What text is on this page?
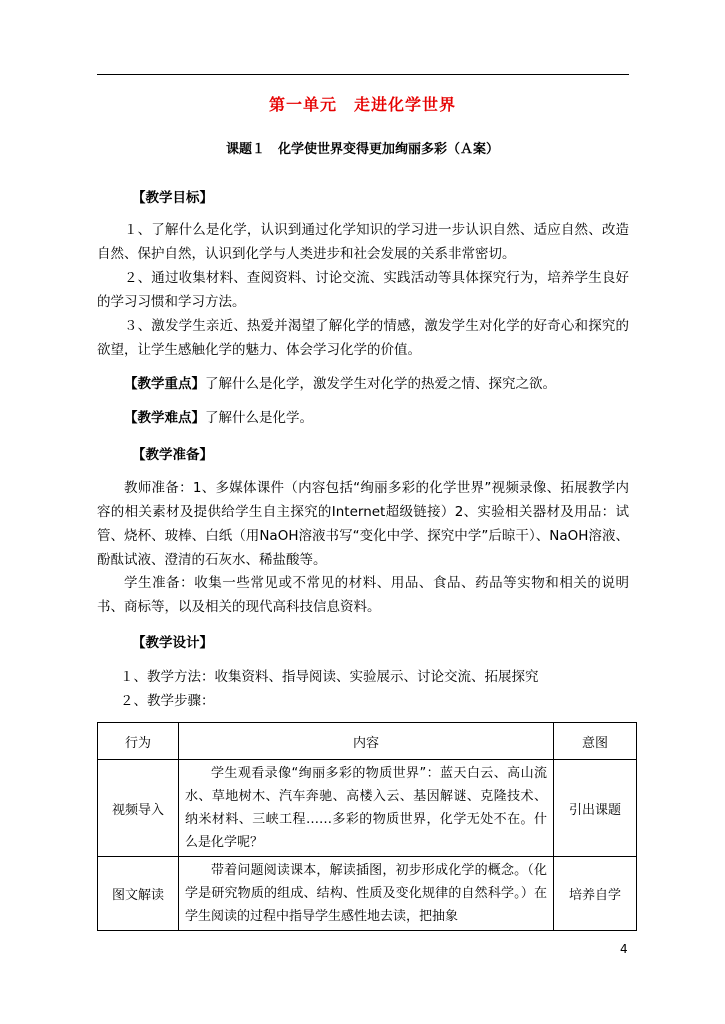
第一单元　走进化学世界
课题１　化学使世界变得更加绚丽多彩（Ａ案）
【教学目标】
１、了解什么是化学，认识到通过化学知识的学习进一步认识自然、适应自然、改造自然、保护自然，认识到化学与人类进步和社会发展的关系非常密切。
２、通过收集材料、查阅资料、讨论交流、实践活动等具体探究行为，培养学生良好的学习习惯和学习方法。
３、激发学生亲近、热爱并渴望了解化学的情感，激发学生对化学的好奇心和探究的欲望，让学生感触化学的魅力、体会学习化学的价值。
【教学重点】了解什么是化学，激发学生对化学的热爱之情、探究之欲。
【教学难点】了解什么是化学。
【教学准备】
教师准备：1、多媒体课件（内容包括“绚丽多彩的化学世界”视频录像、拓展教学内容的相关素材及提供给学生自主探究的Internet超级链接）2、实验相关器材及用品：试管、烧杯、玻棒、白纸（用NaOH溶液书写“变化中学、探究中学”后晾干）、NaOH溶液、酚酞试液、澄清的石灰水、稀盐酸等。
学生准备：收集一些常见或不常见的材料、用品、食品、药品等实物和相关的说明书、商标等，以及相关的现代高科技信息资料。
【教学设计】
１、教学方法：收集资料、指导阅读、实验展示、讨论交流、拓展探究
２、教学步骤：
行为	内容	意图
视频导入	学生观看录像“绚丽多彩的物质世界”：蓝天白云、高山流水、草地树木、汽车奔驰、高楼入云、基因解谜、克隆技术、纳米材料、三峡工程……多彩的物质世界，化学无处不在。什么是化学呢？	引出课题
图文解读	带着问题阅读课本，解读插图，初步形成化学的概念。（化学是研究物质的组成、结构、性质及变化规律的自然科学。）在学生阅读的过程中指导学生感性地去读，把抽象	培养自学
4
